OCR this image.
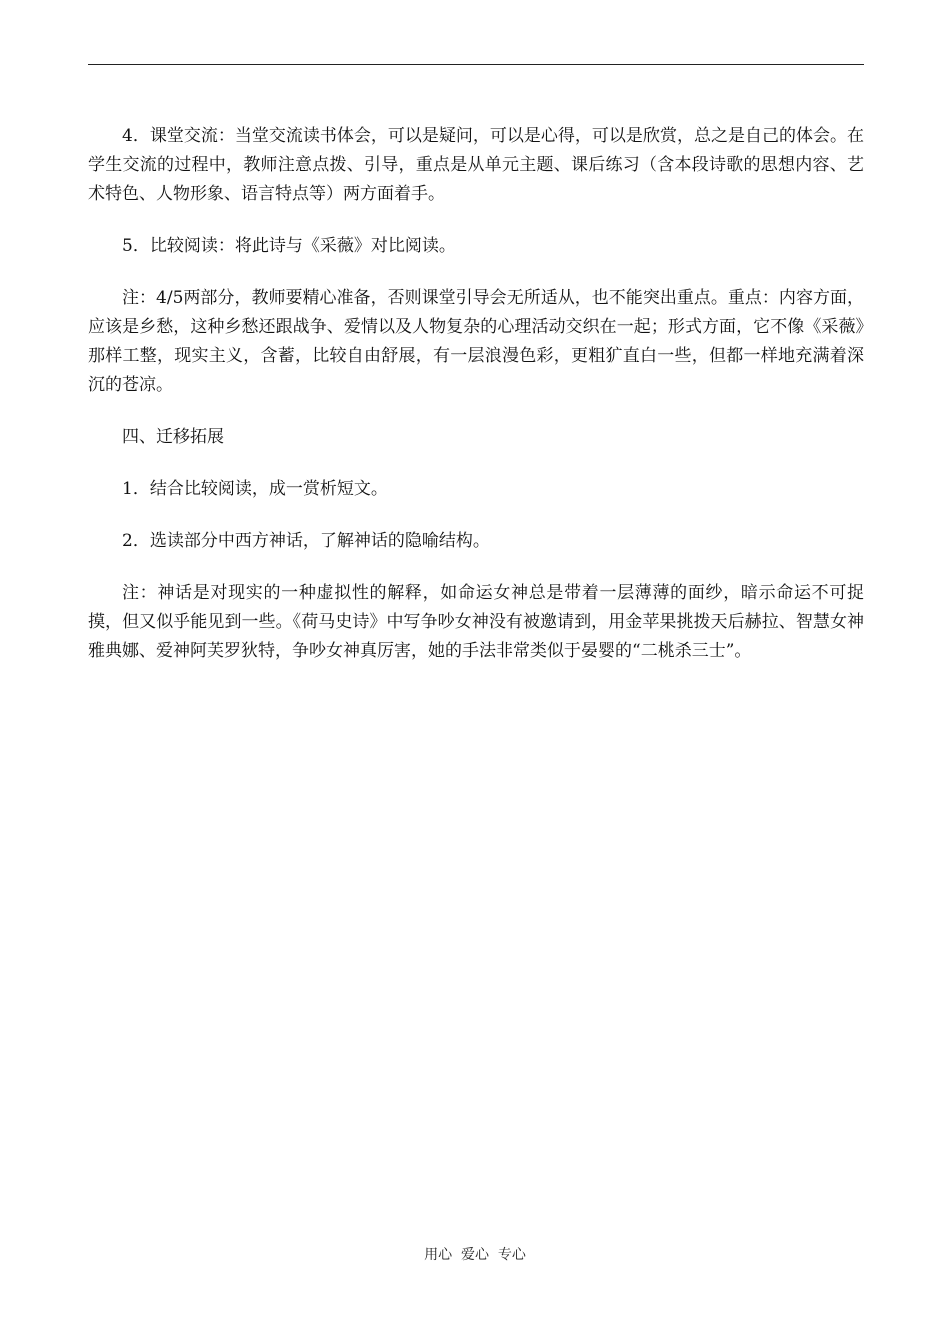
4．课堂交流：当堂交流读书体会，可以是疑问，可以是心得，可以是欣赏，总之是自己的体会。在学生交流的过程中，教师注意点拨、引导，重点是从单元主题、课后练习（含本段诗歌的思想内容、艺术特色、人物形象、语言特点等）两方面着手。

5．比较阅读：将此诗与《采薇》对比阅读。

注：4/5两部分，教师要精心准备，否则课堂引导会无所适从，也不能突出重点。重点：内容方面，应该是乡愁，这种乡愁还跟战争、爱情以及人物复杂的心理活动交织在一起；形式方面，它不像《采薇》那样工整，现实主义，含蓄，比较自由舒展，有一层浪漫色彩，更粗犷直白一些，但都一样地充满着深沉的苍凉。

四、迁移拓展

1．结合比较阅读，成一赏析短文。

2．选读部分中西方神话，了解神话的隐喻结构。

注：神话是对现实的一种虚拟性的解释，如命运女神总是带着一层薄薄的面纱，暗示命运不可捉摸，但又似乎能见到一些。《荷马史诗》中写争吵女神没有被邀请到，用金苹果挑拨天后赫拉、智慧女神雅典娜、爱神阿芙罗狄特，争吵女神真厉害，她的手法非常类似于晏婴的“二桃杀三士”。

用心  爱心  专心
